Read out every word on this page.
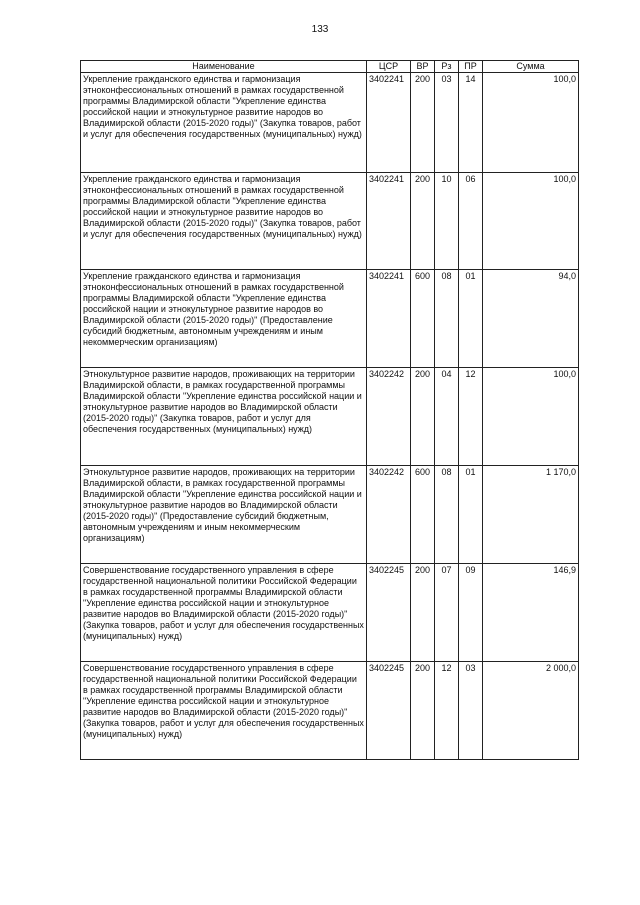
133
Наименование	ЦСР	ВР	Рз	ПР	Сумма
Укрепление гражданского единства и гармонизация этноконфессиональных отношений в рамках государственной программы Владимирской области "Укрепление единства российской нации и этнокультурное развитие народов во Владимирской области (2015-2020 годы)" (Закупка товаров, работ и услуг для обеспечения государственных (муниципальных) нужд)	3402241	200	03	14	100,0
Укрепление гражданского единства и гармонизация этноконфессиональных отношений в рамках государственной программы Владимирской области "Укрепление единства российской нации и этнокультурное развитие народов во Владимирской области (2015-2020 годы)" (Закупка товаров, работ и услуг для обеспечения государственных (муниципальных) нужд)	3402241	200	10	06	100,0
Укрепление гражданского единства и гармонизация этноконфессиональных отношений в рамках государственной программы Владимирской области "Укрепление единства российской нации и этнокультурное развитие народов во Владимирской области (2015-2020 годы)" (Предоставление субсидий бюджетным, автономным учреждениям и иным некоммерческим организациям)	3402241	600	08	01	94,0
Этнокультурное развитие народов, проживающих на территории Владимирской области, в рамках государственной программы Владимирской области "Укрепление единства российской нации и этнокультурное развитие народов во Владимирской области (2015-2020 годы)" (Закупка товаров, работ и услуг для обеспечения государственных (муниципальных) нужд)	3402242	200	04	12	100,0
Этнокультурное развитие народов, проживающих на территории Владимирской области, в рамках государственной программы Владимирской области "Укрепление единства российской нации и этнокультурное развитие народов во Владимирской области (2015-2020 годы)" (Предоставление субсидий бюджетным, автономным учреждениям и иным некоммерческим организациям)	3402242	600	08	01	1 170,0
Совершенствование государственного управления в сфере государственной национальной политики Российской Федерации в рамках государственной программы Владимирской области "Укрепление единства российской нации и этнокультурное развитие народов во Владимирской области (2015-2020 годы)" (Закупка товаров, работ и услуг для обеспечения государственных (муниципальных) нужд)	3402245	200	07	09	146,9
Совершенствование государственного управления в сфере государственной национальной политики Российской Федерации в рамках государственной программы Владимирской области "Укрепление единства российской нации и этнокультурное развитие народов во Владимирской области (2015-2020 годы)" (Закупка товаров, работ и услуг для обеспечения государственных (муниципальных) нужд)	3402245	200	12	03	2 000,0
